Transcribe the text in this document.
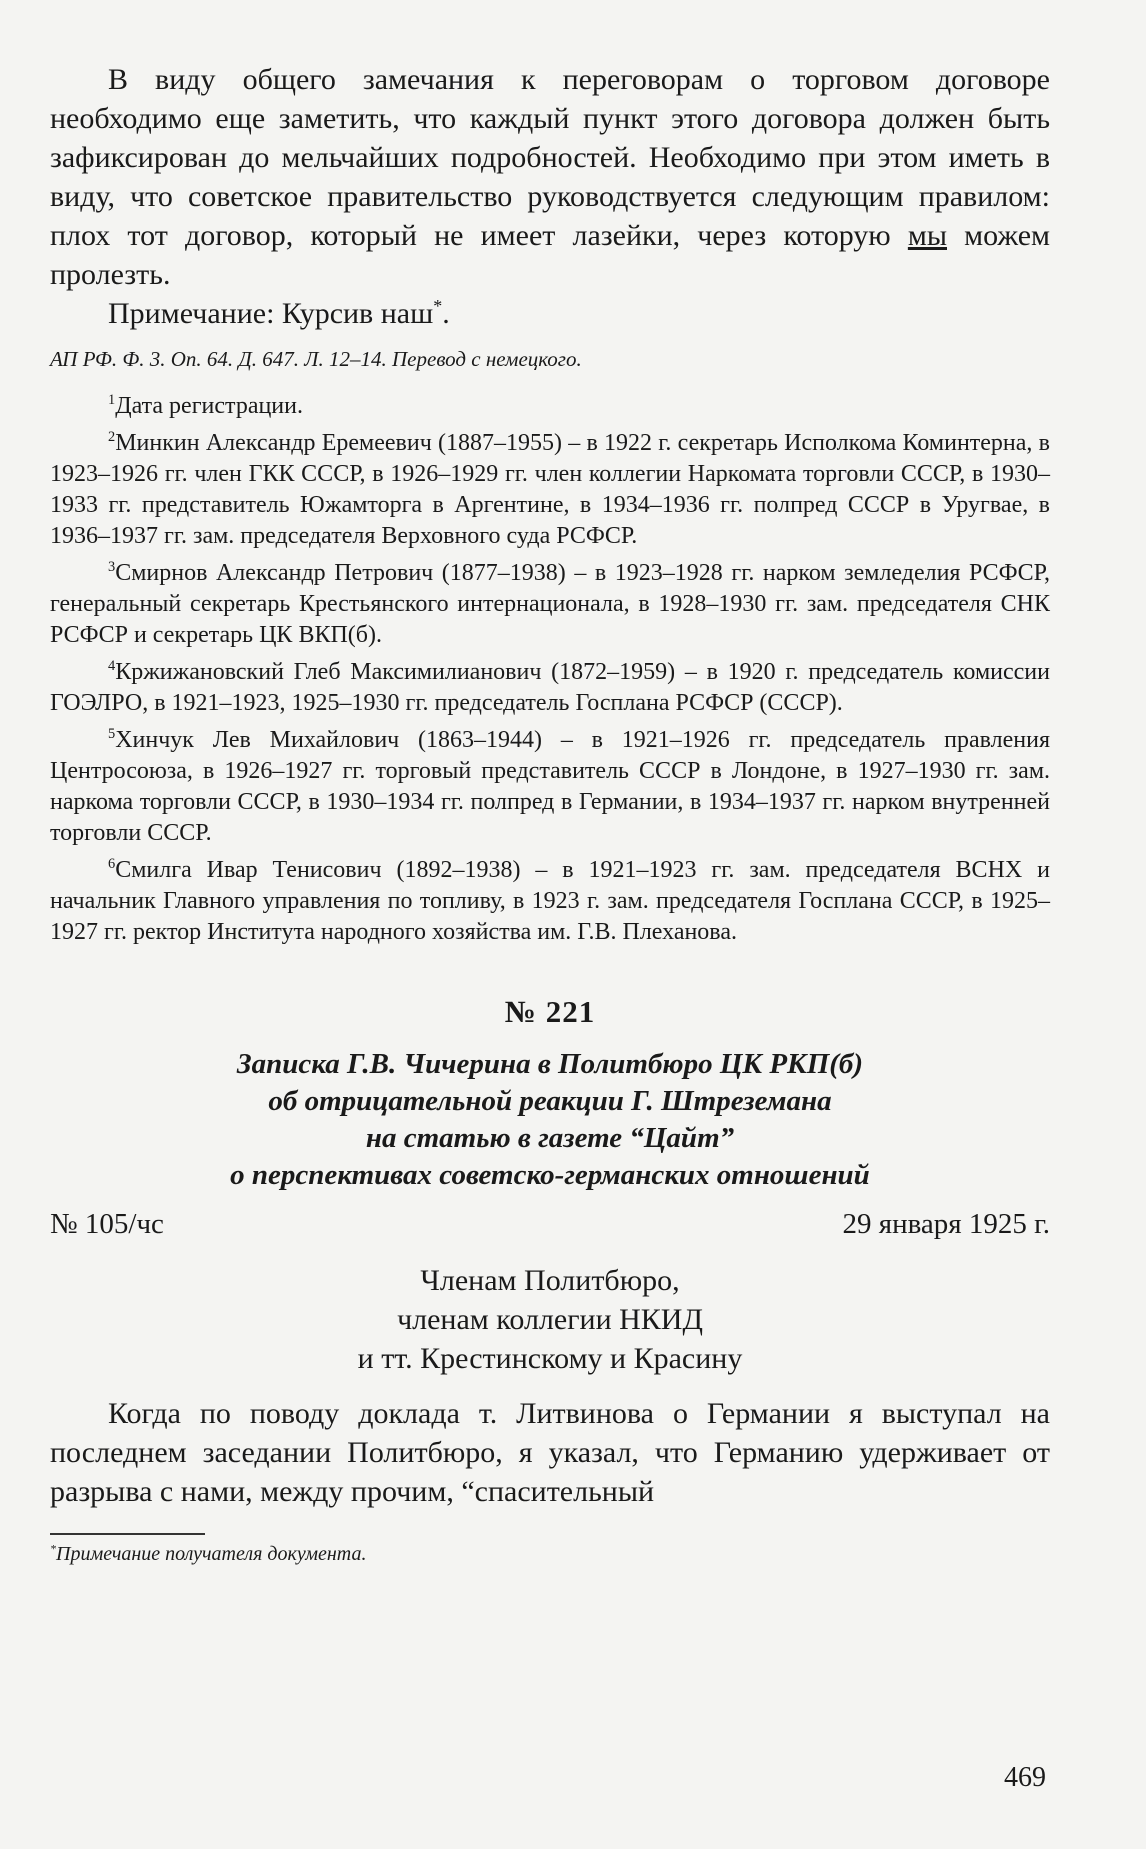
В виду общего замечания к переговорам о торговом договоре необходимо еще заметить, что каждый пункт этого договора должен быть зафиксирован до мельчайших подробностей. Необходимо при этом иметь в виду, что советское правительство руководствуется следующим правилом: плох тот договор, который не имеет лазейки, через которую мы можем пролезть.

Примечание: Курсив наш*.

АП РФ. Ф. 3. Оп. 64. Д. 647. Л. 12–14. Перевод с немецкого.

$^1$Дата регистрации.

$^2$Минкин Александр Еремеевич (1887–1955) – в 1922 г. секретарь Исполкома Коминтерна, в 1923–1926 гг. член ГКК СССР, в 1926–1929 гг. член коллегии Наркомата торговли СССР, в 1930–1933 гг. представитель Южамторга в Аргентине, в 1934–1936 гг. полпред СССР в Уругвае, в 1936–1937 гг. зам. председателя Верховного суда РСФСР.

$^3$Смирнов Александр Петрович (1877–1938) – в 1923–1928 гг. нарком земледелия РСФСР, генеральный секретарь Крестьянского интернационала, в 1928–1930 гг. зам. председателя СНК РСФСР и секретарь ЦК ВКП(б).

$^4$Кржижановский Глеб Максимилианович (1872–1959) – в 1920 г. председатель комиссии ГОЭЛРО, в 1921–1923, 1925–1930 гг. председатель Госплана РСФСР (СССР).

$^5$Хинчук Лев Михайлович (1863–1944) – в 1921–1926 гг. председатель правления Центросоюза, в 1926–1927 гг. торговый представитель СССР в Лондоне, в 1927–1930 гг. зам. наркома торговли СССР, в 1930–1934 гг. полпред в Германии, в 1934–1937 гг. нарком внутренней торговли СССР.

$^6$Смилга Ивар Тенисович (1892–1938) – в 1921–1923 гг. зам. председателя ВСНХ и начальник Главного управления по топливу, в 1923 г. зам. председателя Госплана СССР, в 1925–1927 гг. ректор Института народного хозяйства им. Г.В. Плеханова.

№ 221

Записка Г.В. Чичерина в Политбюро ЦК РКП(б)

об отрицательной реакции Г. Штреземана

на статью в газете “Цайт”

о перспективах советско-германских отношений

№ 105/чс	29 января 1925 г.

Членам Политбюро,

членам коллегии НКИД

и тт. Крестинскому и Красину

Когда по поводу доклада т. Литвинова о Германии я выступал на последнем заседании Политбюро, я указал, что Германию удерживает от разрыва с нами, между прочим, “спасительный

*Примечание получателя документа.

469
